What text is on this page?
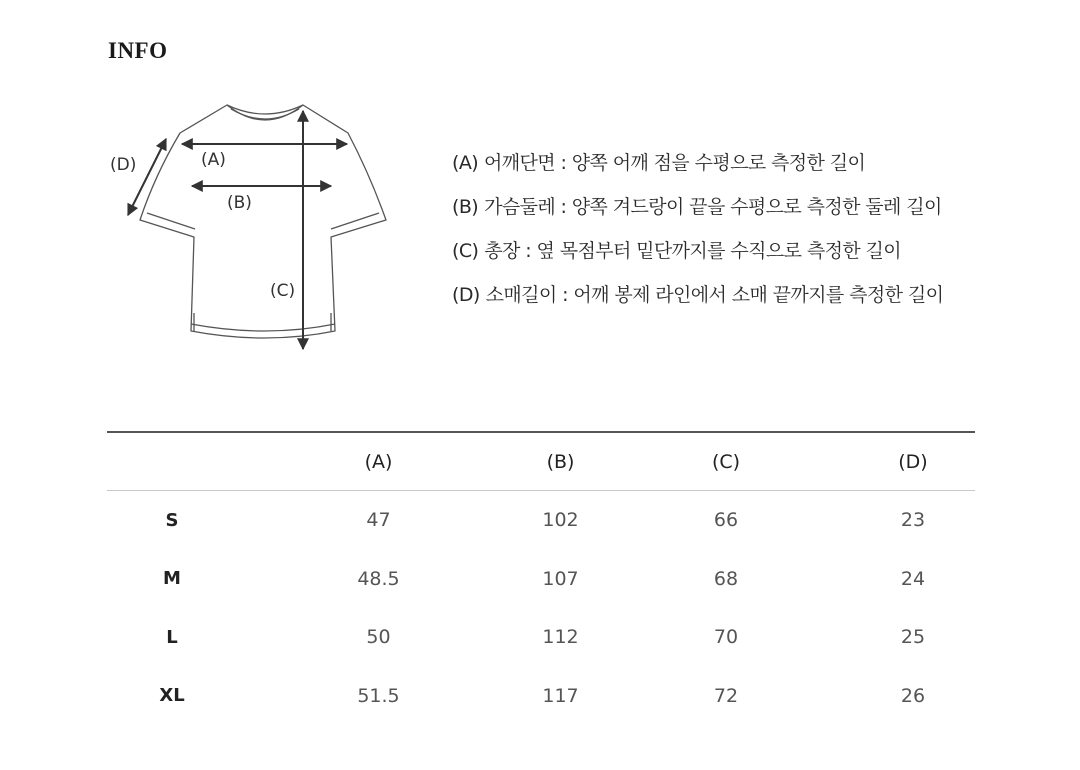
INFO
(A)
(B)
(C)
(D)	(A) 어깨단면 : 양쪽 어깨 점을 수평으로 측정한 길이
(B) 가슴둘레 : 양쪽 겨드랑이 끝을 수평으로 측정한 둘레 길이
(C) 총장 : 옆 목점부터 밑단까지를 수직으로 측정한 길이
(D) 소매길이 : 어깨 봉제 라인에서 소매 끝까지를 측정한 길이
	(A)	(B)	(C)	(D)
S	47	102	66	23
M	48.5	107	68	24
L	50	112	70	25
XL	51.5	117	72	26
